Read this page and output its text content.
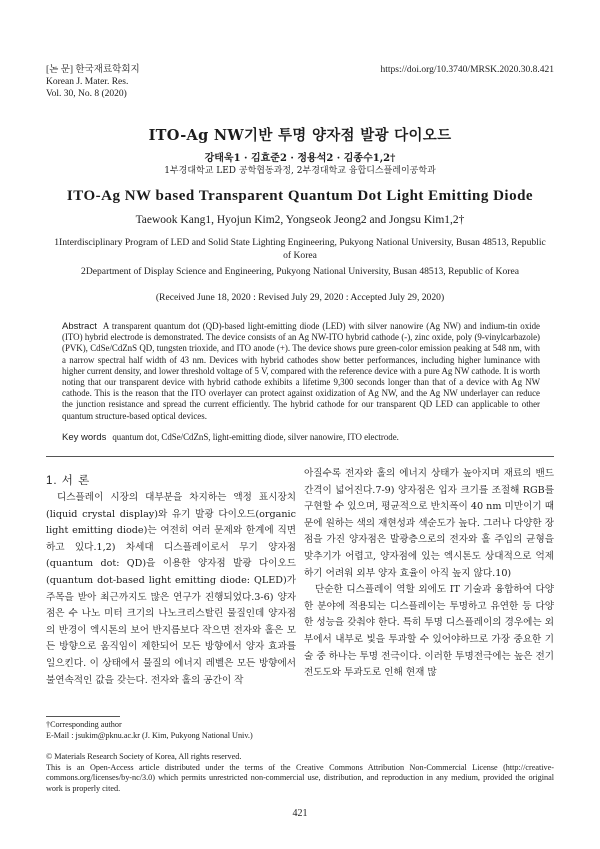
[논 문] 한국재료학회지
Korean J. Mater. Res.
Vol. 30, No. 8 (2020)
https://doi.org/10.3740/MRSK.2020.30.8.421
ITO-Ag NW기반 투명 양자점 발광 다이오드
강태욱1 · 김효준2 · 정용석2 · 김종수1,2†
1부경대학교 LED 공학협동과정, 2부경대학교 융합디스플레이공학과
ITO-Ag NW based Transparent Quantum Dot Light Emitting Diode
Taewook Kang1, Hyojun Kim2, Yongseok Jeong2 and Jongsu Kim1,2†
1Interdisciplinary Program of LED and Solid State Lighting Engineering, Pukyong National University, Busan 48513, Republic of Korea
2Department of Display Science and Engineering, Pukyong National University, Busan 48513, Republic of Korea
(Received June 18, 2020 : Revised July 29, 2020 : Accepted July 29, 2020)
Abstract A transparent quantum dot (QD)-based light-emitting diode (LED) with silver nanowire (Ag NW) and indium-tin oxide (ITO) hybrid electrode is demonstrated. The device consists of an Ag NW-ITO hybrid cathode (-), zinc oxide, poly (9-vinylcarbazole) (PVK), CdSe/CdZnS QD, tungsten trioxide, and ITO anode (+). The device shows pure green-color emission peaking at 548 nm, with a narrow spectral half width of 43 nm. Devices with hybrid cathodes show better performances, including higher luminance with higher current density, and lower threshold voltage of 5 V, compared with the reference device with a pure Ag NW cathode. It is worth noting that our transparent device with hybrid cathode exhibits a lifetime 9,300 seconds longer than that of a device with Ag NW cathode. This is the reason that the ITO overlayer can protect against oxidization of Ag NW, and the Ag NW underlayer can reduce the junction resistance and spread the current efficiently. The hybrid cathode for our transparent QD LED can applicable to other quantum structure-based optical devices.
Key words quantum dot, CdSe/CdZnS, light-emitting diode, silver nanowire, ITO electrode.
1. 서 론
디스플레이 시장의 대부분을 차지하는 액정 표시장치(liquid crystal display)와 유기 발광 다이오드(organic light emitting diode)는 여전히 여러 문제와 한계에 직면하고 있다.1,2) 차세대 디스플레이로서 무기 양자점(quantum dot: QD)을 이용한 양자점 발광 다이오드(quantum dot-based light emitting diode: QLED)가 주목을 받아 최근까지도 많은 연구가 진행되었다.3-6) 양자점은 수 나노 미터 크기의 나노크리스탈린 물질인데 양자점의 반경이 엑시톤의 보어 반지름보다 작으면 전자와 홀은 모든 방향으로 움직임이 제한되어 모든 방향에서 양자 효과를 일으킨다. 이 상태에서 물질의 에너지 레벨은 모든 방향에서 불연속적인 값을 갖는다. 전자와 홀의 공간이 작

아질수록 전자와 홀의 에너지 상태가 높아지며 재료의 밴드 간격이 넓어진다.7-9) 양자점은 입자 크기를 조절해 RGB를 구현할 수 있으며, 평균적으로 반치폭이 40 nm 미만이기 때문에 원하는 색의 재현성과 색순도가 높다. 그러나 다양한 장점을 가진 양자점은 발광층으로의 전자와 홀 주입의 균형을 맞추기가 어렵고, 양자점에 있는 엑시톤도 상대적으로 억제하기 어려워 외부 양자 효율이 아직 높지 않다.10)

단순한 디스플레이 역할 외에도 IT 기술과 융합하여 다양한 분야에 적용되는 디스플레이는 투명하고 유연한 등 다양한 성능을 갖춰야 한다. 특히 투명 디스플레이의 경우에는 외부에서 내부로 빛을 투과할 수 있어야하므로 가장 중요한 기술 중 하나는 투명 전극이다. 이러한 투명전극에는 높은 전기 전도도와 투과도로 인해 현재 많

†Corresponding author
E-Mail : jsukim@pknu.ac.kr (J. Kim, Pukyong National Univ.)
© Materials Research Society of Korea, All rights reserved.
This is an Open-Access article distributed under the terms of the Creative Commons Attribution Non-Commercial License (http://creative-commons.org/licenses/by-nc/3.0) which permits unrestricted non-commercial use, distribution, and reproduction in any medium, provided the original work is properly cited.
421
